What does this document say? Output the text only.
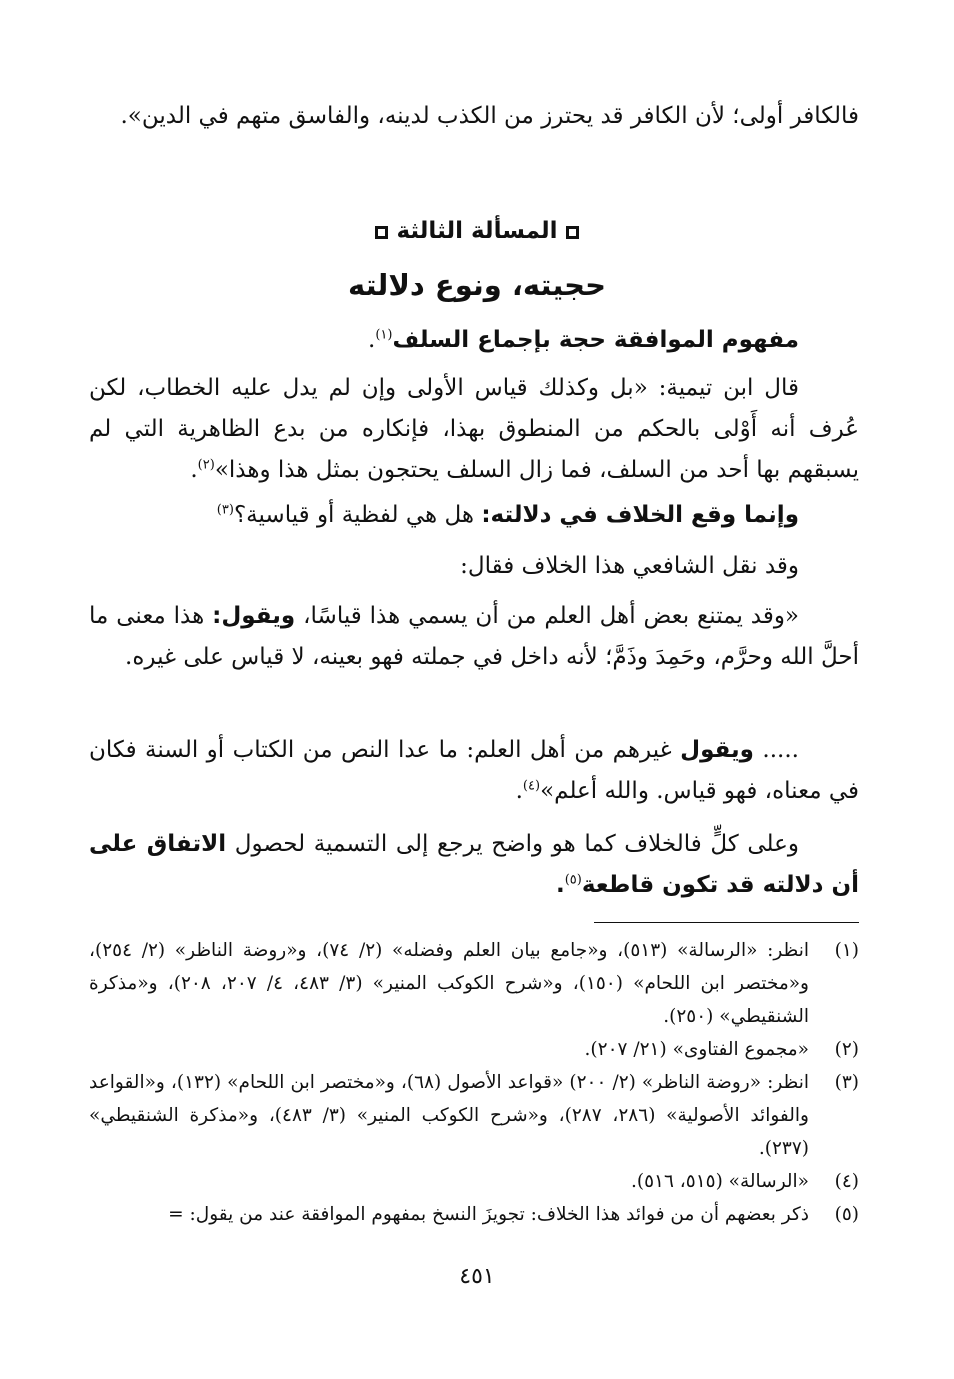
فالكافر أولى؛ لأن الكافر قد يحترز من الكذب لدينه، والفاسق متهم في الدين».

المسألة الثالثة
حجيته، ونوع دلالته

مفهوم الموافقة حجة بإجماع السلف$^{(١)}$.

قال ابن تيمية: «بل وكذلك قياس الأولى وإن لم يدل عليه الخطاب، لكن عُرف أنه أَوْلى بالحكم من المنطوق بهذا، فإنكاره من بدع الظاهرية التي لم يسبقهم بها أحد من السلف، فما زال السلف يحتجون بمثل هذا وهذا»$^{(٢)}$.

وإنما وقع الخلاف في دلالته: هل هي لفظية أو قياسية؟$^{(٣)}$

وقد نقل الشافعي هذا الخلاف فقال:

«وقد يمتنع بعض أهل العلم من أن يسمي هذا قياسًا، ويقول: هذا معنى ما أحلَّ الله وحرَّم، وحَمِدَ وذَمَّ؛ لأنه داخل في جملته فهو بعينه، لا قياس على غيره.

..... ويقول غيرهم من أهل العلم: ما عدا النص من الكتاب أو السنة فكان في معناه، فهو قياس. والله أعلم»$^{(٤)}$.

وعلى كلٍّ فالخلاف كما هو واضح يرجع إلى التسمية لحصول الاتفاق على أن دلالته قد تكون قاطعة$^{(٥)}$.

(١)
انظر: «الرسالة» (٥١٣)، و«جامع بيان العلم وفضله» (٢/ ٧٤)، و«روضة الناظر» (٢/ ٢٥٤)، و«مختصر ابن اللحام» (١٥٠)، و«شرح الكوكب المنير» (٣/ ٤٨٣، ٤/ ٢٠٧، ٢٠٨)، و«مذكرة الشنقيطي» (٢٥٠).
(٢)
«مجموع الفتاوى» (٢١/ ٢٠٧).
(٣)
انظر: «روضة الناظر» (٢/ ٢٠٠) «قواعد الأصول (٦٨)، و«مختصر ابن اللحام» (١٣٢)، و«القواعد والفوائد الأصولية» (٢٨٦، ٢٨٧)، و«شرح الكوكب المنير» (٣/ ٤٨٣)، و«مذكرة الشنقيطي» (٢٣٧).
(٤)
«الرسالة» (٥١٥، ٥١٦).
(٥)
ذكر بعضهم أن من فوائد هذا الخلاف: تجويزَ النسخ بمفهوم الموافقة عند من يقول: =
٤٥١
